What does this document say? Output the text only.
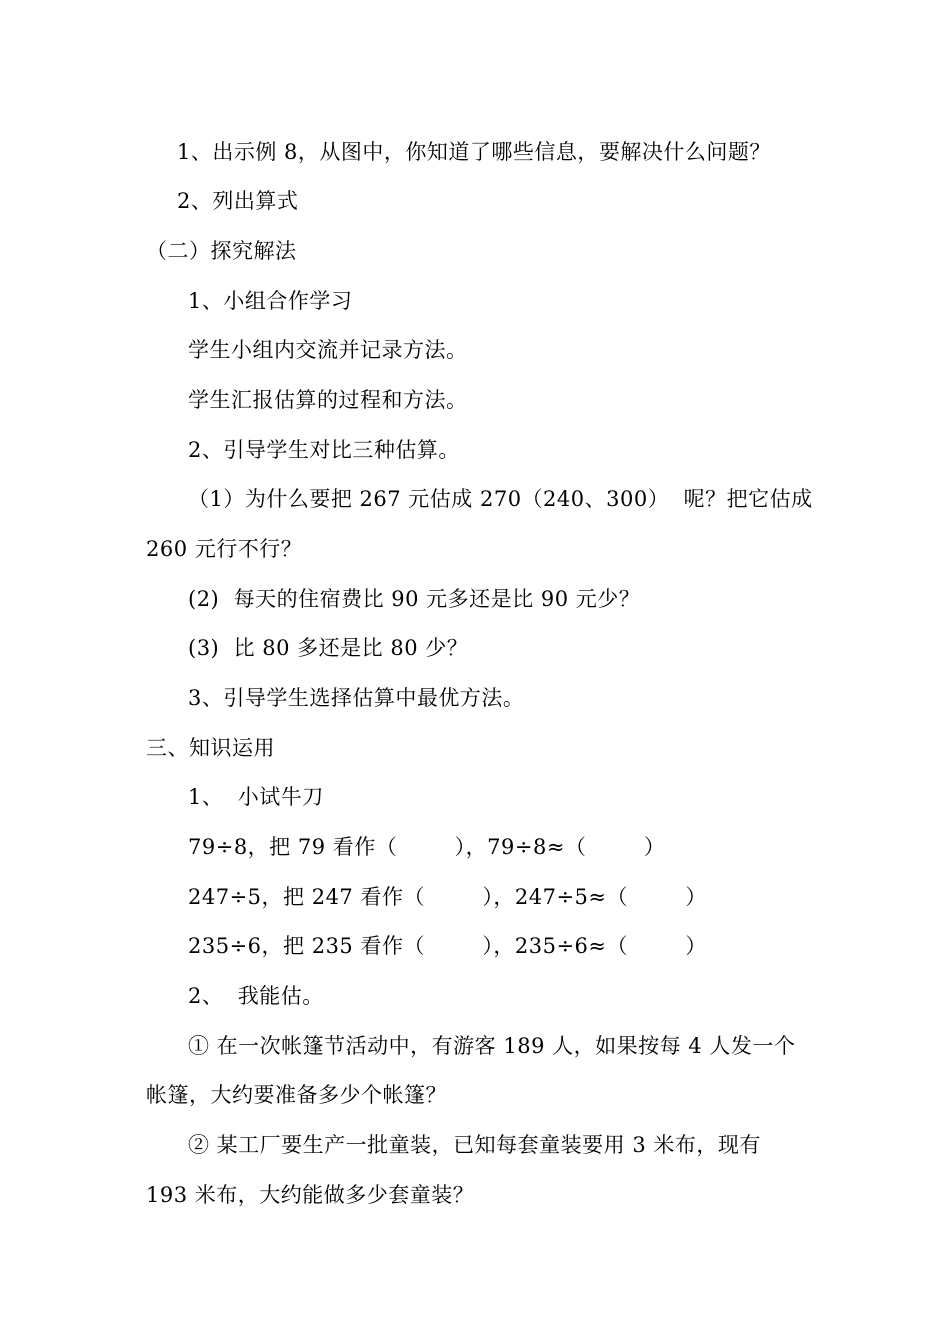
1、出示例 8，从图中，你知道了哪些信息，要解决什么问题？
2、列出算式
（二）探究解法
1、小组合作学习
学生小组内交流并记录方法。
学生汇报估算的过程和方法。
2、引导学生对比三种估算。
（1）为什么要把 267 元估成 270（240、300）  呢？把它估成
260 元行不行？
(2)  每天的住宿费比 90 元多还是比 90 元少？
(3)  比 80 多还是比 80 少？
3、引导学生选择估算中最优方法。
三、知识运用
1、  小试牛刀
79÷8，把 79 看作（        ），79÷8≈（        ）
247÷5，把 247 看作（        ），247÷5≈（        ）
235÷6，把 235 看作（        ），235÷6≈（        ）
2、  我能估。
① 在一次帐篷节活动中，有游客 189 人，如果按每 4 人发一个
帐篷，大约要准备多少个帐篷？
② 某工厂要生产一批童装，已知每套童装要用 3 米布，现有
193 米布，大约能做多少套童装？
